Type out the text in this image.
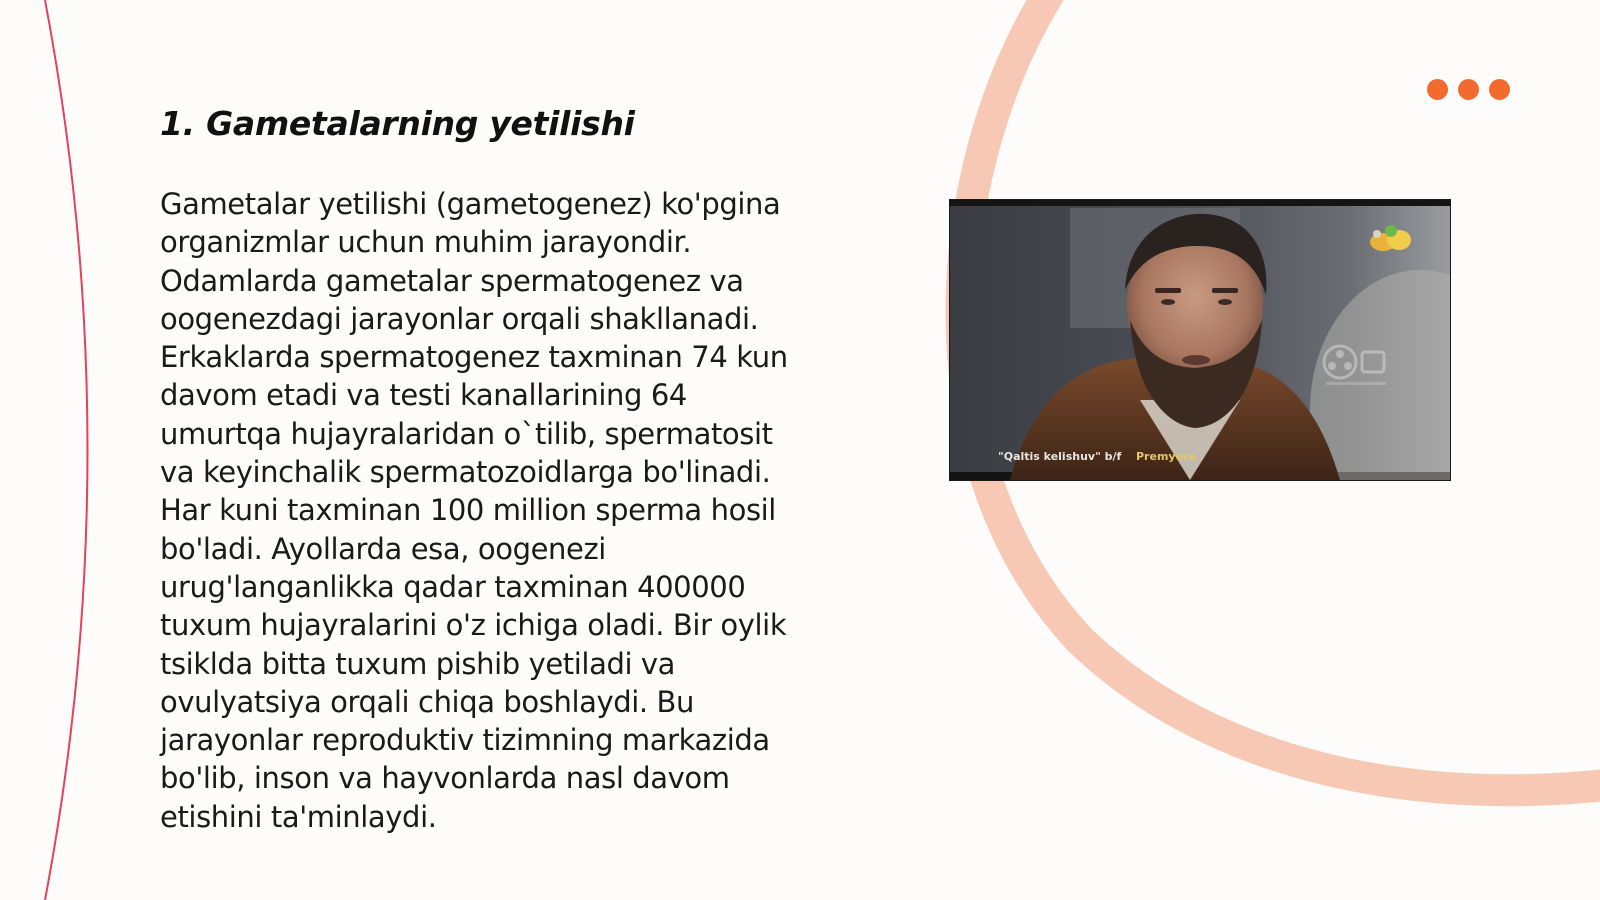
1. Gametalarning yetilishi

Gametalar yetilishi (gametogenez) ko'pgina
organizmlar uchun muhim jarayondir.
Odamlarda gametalar spermatogenez va
oogenezdagi jarayonlar orqali shakllanadi.
Erkaklarda spermatogenez taxminan 74 kun
davom etadi va testi kanallarining 64
umurtqa hujayralaridan o`tilib, spermatosit
va keyinchalik spermatozoidlarga bo'linadi.
Har kuni taxminan 100 million sperma hosil
bo'ladi. Ayollarda esa, oogenezi
urug'langanlikka qadar taxminan 400000
tuxum hujayralarini o'z ichiga oladi. Bir oylik
tsiklda bitta tuxum pishib yetiladi va
ovulyatsiya orqali chiqa boshlaydi. Bu
jarayonlar reproduktiv tizimning markazida
bo'lib, inson va hayvonlarda nasl davom
etishini ta'minlaydi.

"Qaltis kelishuv" b/f Premyera
